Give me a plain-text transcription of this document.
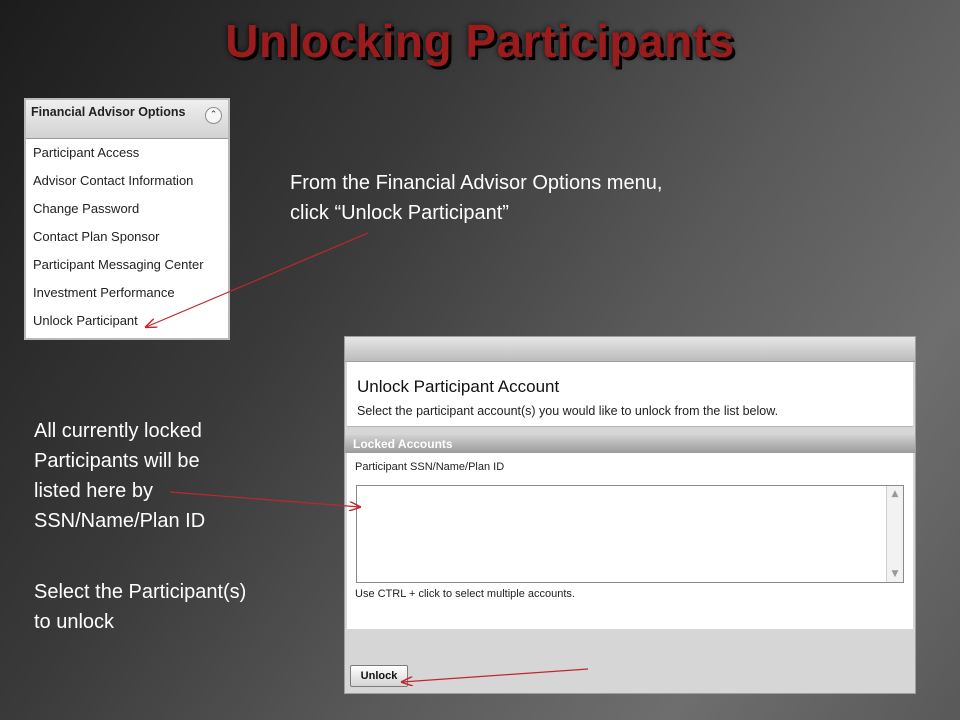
Unlocking Participants
Financial Advisor Options	⌃
Participant Access
Advisor Contact Information
Change Password
Contact Plan Sponsor
Participant Messaging Center
Investment Performance
Unlock Participant
From the Financial Advisor Options menu,
click “Unlock Participant”
All currently locked
Participants will be
listed here by
SSN/Name/Plan ID
Select the Participant(s)
to unlock
Unlock Participant Account
Select the participant account(s) you would like to unlock from the list below.
Locked Accounts
Participant SSN/Name/Plan ID
▲
▼
Use CTRL + click to select multiple accounts.
Unlock
